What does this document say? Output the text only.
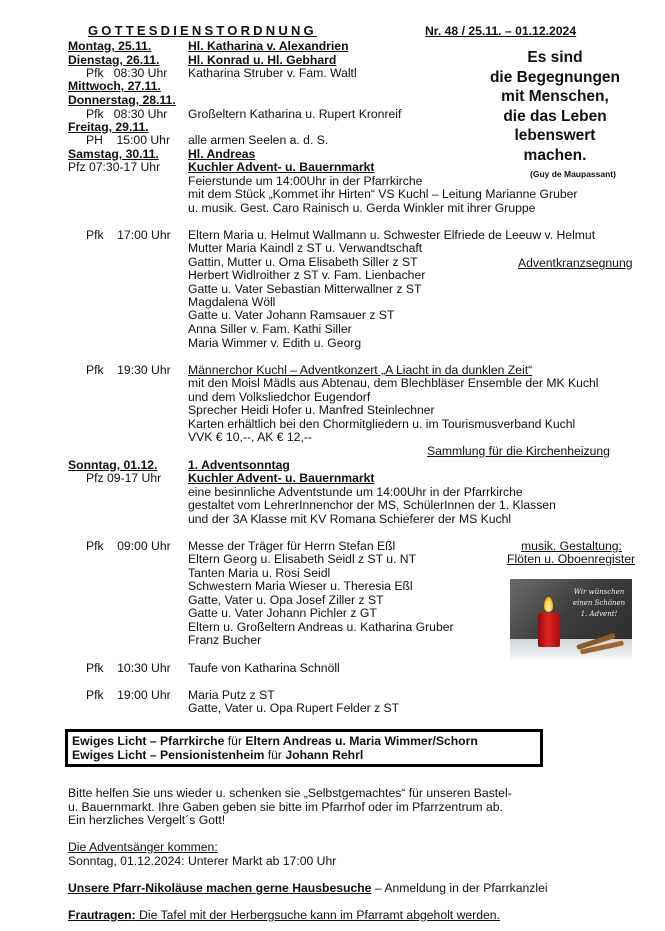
GOTTESDIENSTORDNUNG	Nr. 48 / 25.11. – 01.12.2024
Es sind
die Begegnungen
mit Menschen,
die das Leben
lebenswert
machen.
(Guy de Maupassant)
Montag, 25.11.	Hl. Katharina v. Alexandrien
Dienstag, 26.11. Hl. Konrad u. Hl. Gebhard
Pfk   08:30 Uhr Katharina Struber v. Fam. Waltl
Mittwoch, 27.11.
Donnerstag, 28.11.
Pfk   08:30 Uhr Großeltern Katharina u. Rupert Kronreif
Freitag, 29.11.
PH    15:00 Uhr alle armen Seelen a. d. S.
Samstag, 30.11. Hl. Andreas
Pfz 07:30-17 Uhr Kuchler Advent- u. Bauernmarkt
Feierstunde um 14:00Uhr in der Pfarrkirche
mit dem Stück „Kommet ihr Hirten“ VS Kuchl – Leitung Marianne Gruber
u. musik. Gest. Caro Rainisch u. Gerda Winkler mit ihrer Gruppe
Pfk    17:00 Uhr Eltern Maria u. Helmut Wallmann u. Schwester Elfriede de Leeuw v. Helmut
Mutter Maria Kaindl z ST u. Verwandtschaft
Gattin, Mutter u. Oma Elisabeth Siller z ST	Adventkranzsegnung
Herbert Widlroither z ST v. Fam. Lienbacher
Gatte u. Vater Sebastian Mitterwallner z ST
Magdalena Wöll
Gatte u. Vater Johann Ramsauer z ST
Anna Siller v. Fam. Kathi Siller
Maria Wimmer v. Edith u. Georg
Pfk    19:30 Uhr Männerchor Kuchl – Adventkonzert „A Liacht in da dunklen Zeit“
mit den Moisl Mädls aus Abtenau, dem Blechbläser Ensemble der MK Kuchl
und dem Volksliedchor Eugendorf
Sprecher Heidi Hofer u. Manfred Steinlechner
Karten erhältlich bei den Chormitgliedern u. im Tourismusverband Kuchl
VVK € 10,--, AK € 12,--
Sammlung für die Kirchenheizung
Sonntag, 01.12.	1. Adventsonntag
Pfz 09-17 Uhr Kuchler Advent- u. Bauernmarkt
eine besinnliche Adventstunde um 14:00Uhr in der Pfarrkirche
gestaltet vom LehrerInnenchor der MS, SchülerInnen der 1. Klassen
und der 3A Klasse mit KV Romana Schieferer der MS Kuchl
Pfk    09:00 Uhr Messe der Träger für Herrn Stefan Eßl	musik. Gestaltung:
Eltern Georg u. Elisabeth Seidl z ST u. NT	Flöten u. Oboenregister
Tanten Maria u. Rosi Seidl
Schwestern Maria Wieser u. Theresia Eßl
Gatte, Vater u. Opa Josef Ziller z ST
Gatte u. Vater Johann Pichler z GT
Eltern u. Großeltern Andreas u. Katharina Gruber
Franz Bucher
Pfk    10:30 Uhr Taufe von Katharina Schnöll
Pfk    19:00 Uhr Maria Putz z ST
Gatte, Vater u. Opa Rupert Felder z ST
Wir wünschen einen Schönen 1. Advent!
Ewiges Licht – Pfarrkirche für Eltern Andreas u. Maria Wimmer/Schorn
Ewiges Licht – Pensionistenheim für Johann Rehrl
Bitte helfen Sie uns wieder u. schenken sie „Selbstgemachtes“ für unseren Bastel-
u. Bauernmarkt. Ihre Gaben geben sie bitte im Pfarrhof oder im Pfarrzentrum ab.
Ein herzliches Vergelt´s Gott!
Die Adventsänger kommen:
Sonntag, 01.12.2024: Unterer Markt ab 17:00 Uhr
Unsere Pfarr-Nikoläuse machen gerne Hausbesuche – Anmeldung in der Pfarrkanzlei
Frautragen: Die Tafel mit der Herbergsuche kann im Pfarramt abgeholt werden.
